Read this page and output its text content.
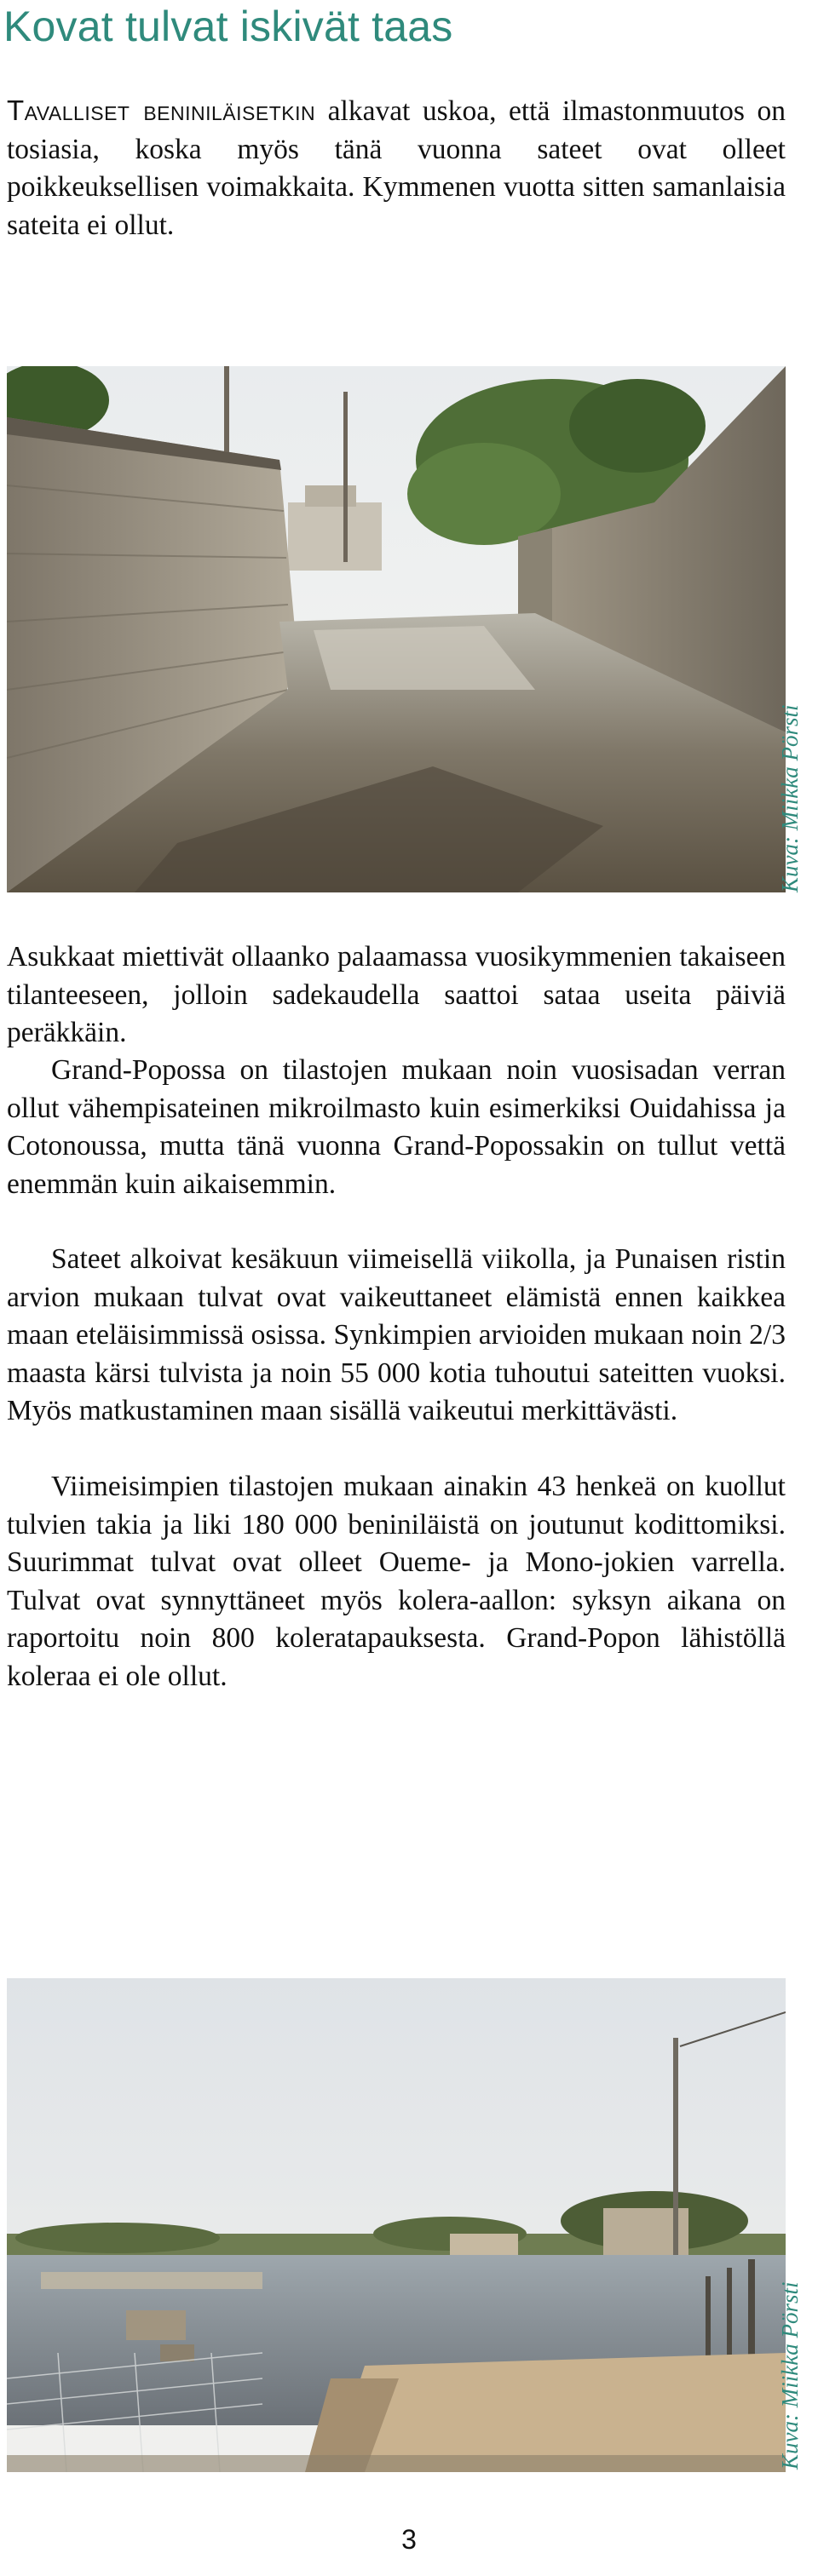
Kovat tulvat iskivät taas

Tavalliset beniniläisetkin alkavat uskoa, että ilmastonmuutos on tosiasia, koska myös tänä vuonna sateet ovat olleet poikkeuksellisen voimakkaita. Kymmenen vuotta sitten samanlaisia sateita ei ollut.

Kuva: Miikka Pörsti

Asukkaat miettivät ollaanko palaamassa vuosikymmenien takaiseen tilanteeseen, jolloin sadekaudella saattoi sataa useita päiviä peräkkäin.

Grand-Popossa on tilastojen mukaan noin vuosisadan verran ollut vähempisateinen mikroilmasto kuin esimerkiksi Ouidahissa ja Cotonoussa, mutta tänä vuonna Grand-Popossakin on tullut vettä enemmän kuin aikaisemmin.

Sateet alkoivat kesäkuun viimeisellä viikolla, ja Punaisen ristin arvion mukaan tulvat ovat vaikeuttaneet elämistä ennen kaikkea maan eteläisimmissä osissa. Synkimpien arvioiden mukaan noin 2/3 maasta kärsi tulvista ja noin 55 000 kotia tuhoutui sateitten vuoksi. Myös matkustaminen maan sisällä vaikeutui merkittävästi.

Viimeisimpien tilastojen mukaan ainakin 43 henkeä on kuollut tulvien takia ja liki 180 000 beniniläistä on joutunut kodittomiksi. Suurimmat tulvat ovat olleet Oueme- ja Mono-jokien varrella. Tulvat ovat synnyttäneet myös kolera-aallon: syksyn aikana on raportoitu noin 800 koleratapauksesta. Grand-Popon lähistöllä koleraa ei ole ollut.

Kuva: Miikka Pörsti
3
